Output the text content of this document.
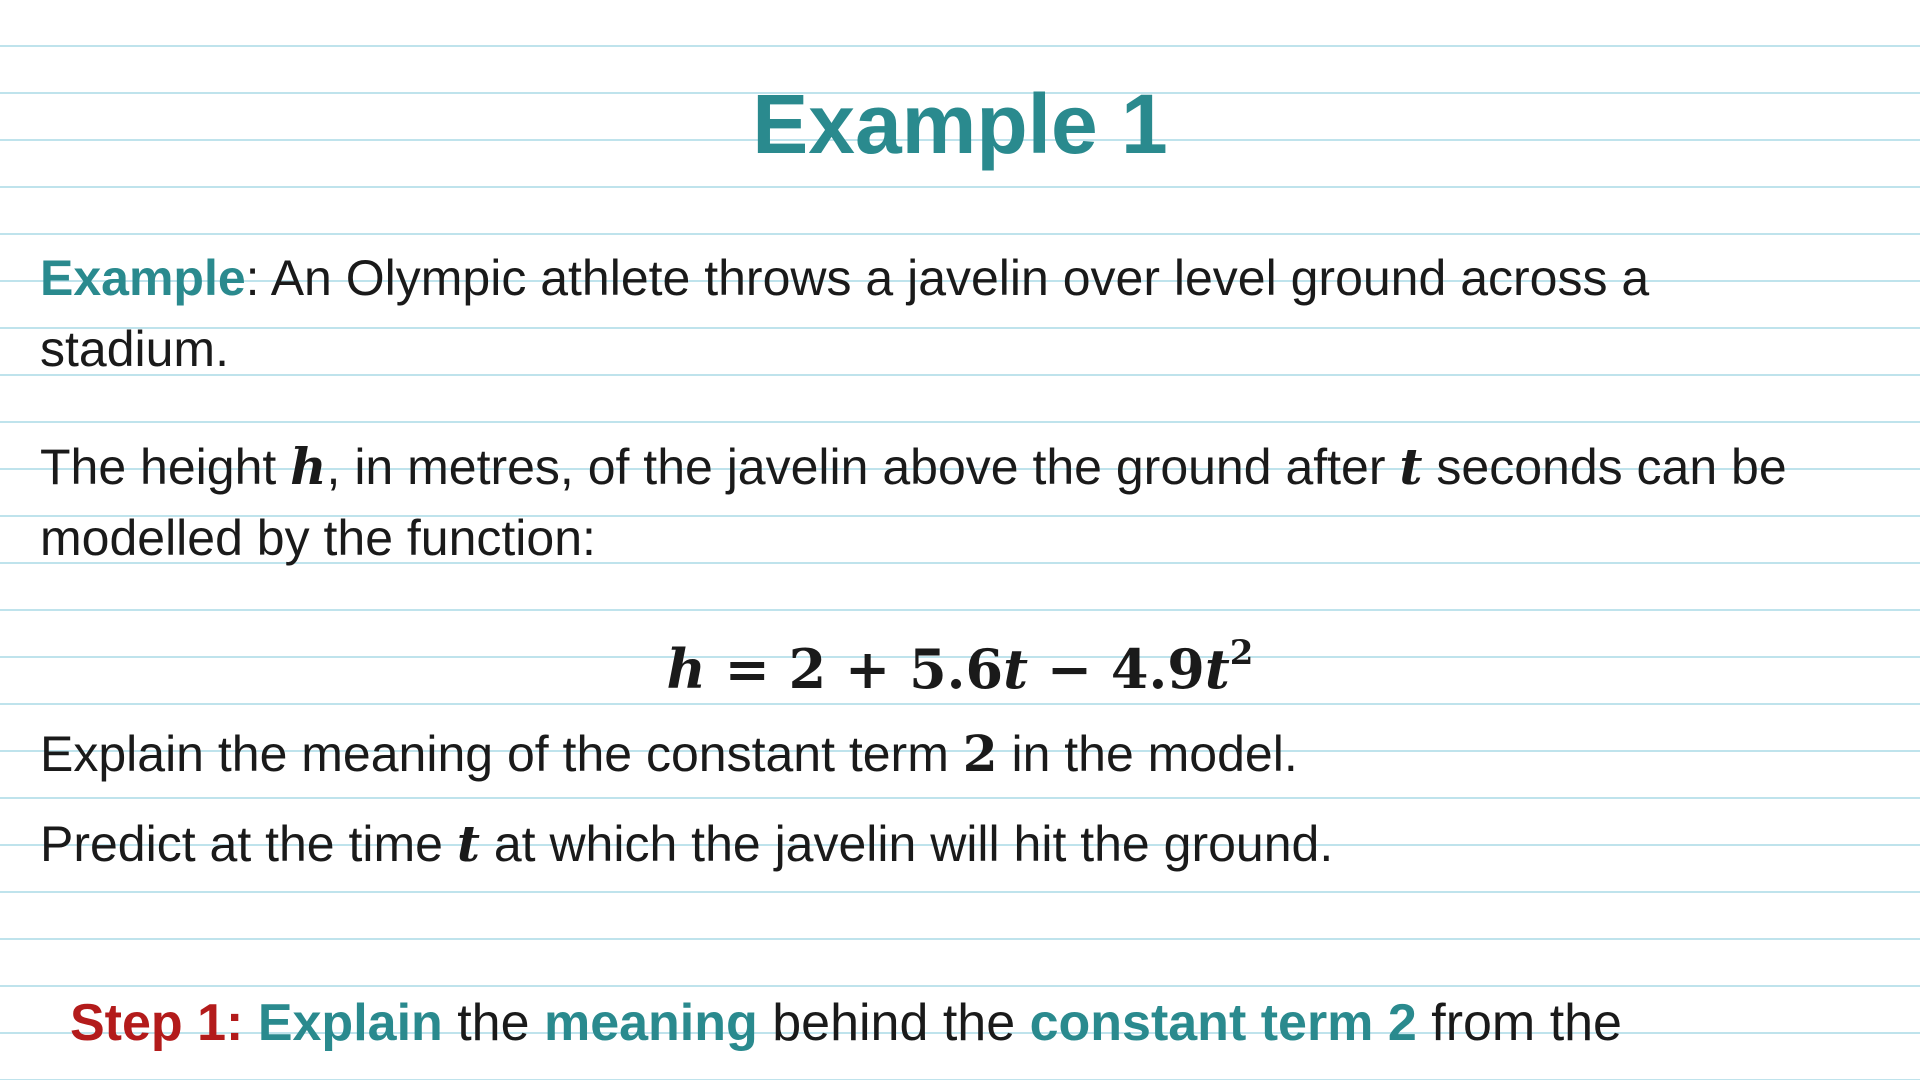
Example 1
Example: An Olympic athlete throws a javelin over level ground across a stadium.
The height h, in metres, of the javelin above the ground after t seconds can be modelled by the function:
$h = 2 + 5.6t - 4.9t^2$
Explain the meaning of the constant term 2 in the model.
Predict at the time t at which the javelin will hit the ground.
Step 1: Explain the meaning behind the constant term 2 from the
